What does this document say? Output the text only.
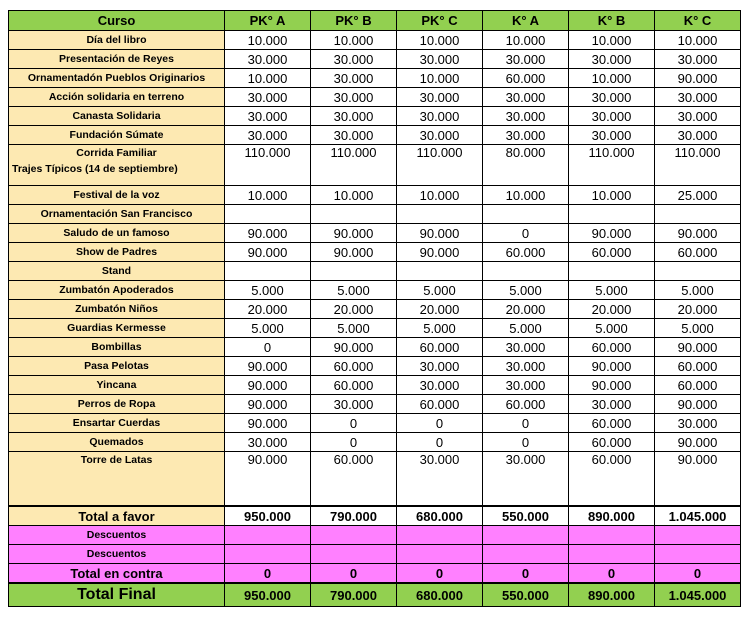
Curso	PK° A	PK° B	PK° C	K° A	K° B	K° C

Día del libro	10.000	10.000	10.000	10.000	10.000	10.000

Presentación de Reyes	30.000	30.000	30.000	30.000	30.000	30.000

Ornamentadón Pueblos Originarios	10.000	30.000	10.000	60.000	10.000	90.000

Acción solidaria en terreno	30.000	30.000	30.000	30.000	30.000	30.000

Canasta Solidaria	30.000	30.000	30.000	30.000	30.000	30.000

Fundación Súmate	30.000	30.000	30.000	30.000	30.000	30.000

Corrida Familiar
Trajes Típicos (14 de septiembre)	110.000	110.000	110.000	80.000	110.000	110.000

Festival de la voz	10.000	10.000	10.000	10.000	10.000	25.000

Ornamentación San Francisco						

Saludo de un famoso	90.000	90.000	90.000	0	90.000	90.000

Show de Padres	90.000	90.000	90.000	60.000	60.000	60.000

Stand						

Zumbatón Apoderados	5.000	5.000	5.000	5.000	5.000	5.000

Zumbatón Niños	20.000	20.000	20.000	20.000	20.000	20.000

Guardias Kermesse	5.000	5.000	5.000	5.000	5.000	5.000

Bombillas	0	90.000	60.000	30.000	60.000	90.000

Pasa Pelotas	90.000	60.000	30.000	30.000	90.000	60.000

Yincana	90.000	60.000	30.000	30.000	90.000	60.000

Perros de Ropa	90.000	30.000	60.000	60.000	30.000	90.000

Ensartar Cuerdas	90.000	0	0	0	60.000	30.000

Quemados	30.000	0	0	0	60.000	90.000

Torre de Latas	90.000	60.000	30.000	30.000	60.000	90.000
Total a favor	950.000	790.000	680.000	550.000	890.000	1.045.000
Descuentos						
Descuentos						
Total en contra	0	0	0	0	0	0
Total Final	950.000	790.000	680.000	550.000	890.000	1.045.000
